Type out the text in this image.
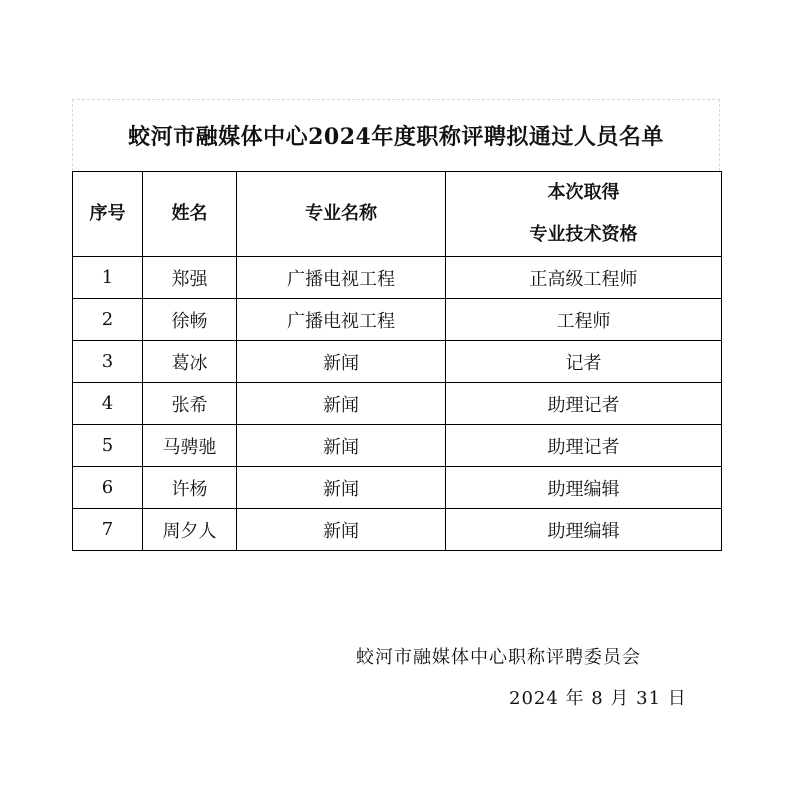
蛟河市融媒体中心2024年度职称评聘拟通过人员名单
序号	姓名	专业名称	本次取得
专业技术资格

1	郑强	广播电视工程	正高级工程师
2	徐畅	广播电视工程	工程师
3	葛冰	新闻	记者
4	张希	新闻	助理记者
5	马骋驰	新闻	助理记者
6	许杨	新闻	助理编辑
7	周夕人	新闻	助理编辑
蛟河市融媒体中心职称评聘委员会
2024 年 8 月 31 日
